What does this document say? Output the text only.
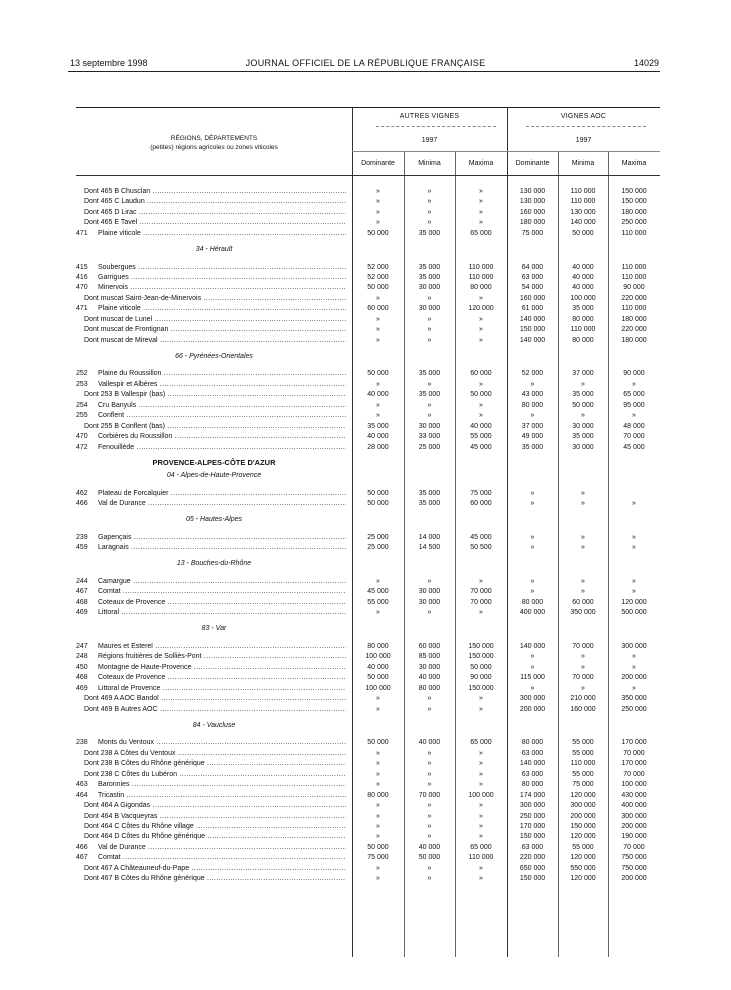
13 septembre 1998	JOURNAL OFFICIEL DE LA RÉPUBLIQUE FRANÇAISE	14029
RÉGIONS, DÉPARTEMENTS
(petites) régions agricoles ou zones viticoles
AUTRES VIGNES	VIGNES AOC
1997	1997
Dominante	Minima	Maxima	Dominante	Minima	Maxima
Dont 465 B Chusclan .....	»	»	»	130 000	110 000	150 000
Dont 465 C Laudun .....	»	»	»	130 000	110 000	150 000
Dont 465 D Lirac .....	»	»	»	160 000	130 000	180 000
Dont 465 E Tavel .....	»	»	»	180 000	140 000	250 000
471	Plaine viticole .....	50 000	35 000	65 000	75 000	50 000	110 000
34 - Hérault
415	Soubergues .....	52 000	35 000	110 000	64 000	40 000	110 000
416	Garrigues .....	52 000	35 000	110 000	63 000	40 000	110 000
470	Minervois .....	50 000	30 000	80 000	54 000	40 000	90 000
Dont muscat Saint-Jean-de-Minervois .....	»	»	»	160 000	100 000	220 000
471	Plaine viticole .....	60 000	30 000	120 000	61 000	35 000	110 000
Dont muscat de Lunel .....	»	»	»	140 000	80 000	180 000
Dont muscat de Frontignan .....	»	»	»	150 000	110 000	220 000
Dont muscat de Mireval .....	»	»	»	140 000	80 000	180 000
66 - Pyrénées-Orientales
252	Plaine du Roussillon .....	50 000	35 000	60 000	52 000	37 000	90 000
253	Vallespir et Albères .....	»	»	»	»	»	»
Dont 253 B Vallespir (bas) .....	40 000	35 000	50 000	43 000	35 000	65 000
254	Cru Banyuls .....	»	»	»	80 000	50 000	95 000
255	Conflent .....	»	»	»	»	»	»
Dont 255 B Conflent (bas) .....	35 000	30 000	40 000	37 000	30 000	48 000
470	Corbières du Roussillon .....	40 000	33 000	55 000	49 000	35 000	70 000
472	Fenouillède .....	28 000	25 000	45 000	35 000	30 000	45 000
PROVENCE-ALPES-CÔTE D'AZUR
04 - Alpes-de-Haute-Provence
462	Plateau de Forcalquier .....	50 000	35 000	75 000	»	»
466	Val de Durance .....	50 000	35 000	60 000	»	»	»
05 - Hautes-Alpes
239	Gapençais .....	25 000	14 000	45 000	»	»	»
459	Laragnais .....	25 000	14 500	50 500	»	»	»
13 - Bouches-du-Rhône
244	Camargue .....	»	»	»	»	»	»
467	Comtat .....	45 000	30 000	70 000	»	»	»
468	Coteaux de Provence .....	55 000	30 000	70 000	80 000	60 000	120 000
469	Littoral .....	»	»	»	400 000	350 000	500 000
83 - Var
247	Maures et Esterel .....	80 000	60 000	150 000	140 000	70 000	300 000
248	Régions fruitières de Solliès-Pont .....	100 000	85 000	150 000	»	»	»
450	Montagne de Haute-Provence .....	40 000	30 000	50 000	»	»	»
468	Coteaux de Provence .....	50 000	40 000	90 000	115 000	70 000	200 000
469	Littoral de Provence .....	100 000	80 000	150 000	»	»	»
Dont 469 A AOC Bandol .....	»	»	»	300 000	210 000	350 000
Dont 469 B Autres AOC .....	»	»	»	200 000	160 000	250 000
84 - Vaucluse
238	Monts du Ventoux .....	50 000	40 000	65 000	80 000	55 000	170 000
Dont 238 A Côtes du Ventoux .....	»	»	»	63 000	55 000	70 000
Dont 238 B Côtes du Rhône générique .....	»	»	»	140 000	110 000	170 000
Dont 238 C Côtes du Lubéron .....	»	»	»	63 000	55 000	70 000
463	Baronnies .....	»	»	»	80 000	75 000	100 000
464	Tricastin .....	80 000	70 000	100 000	174 000	120 000	430 000
Dont 464 A Gigondas .....	»	»	»	300 000	300 000	400 000
Dont 464 B Vacqueyras .....	»	»	»	250 000	200 000	300 000
Dont 464 C Côtes du Rhône village .....	»	»	»	170 000	150 000	200 000
Dont 464 D Côtes du Rhône générique .....	»	»	»	150 000	120 000	190 000
466	Val de Durance .....	50 000	40 000	65 000	63 000	55 000	70 000
467	Comtat .....	75 000	50 000	110 000	220 000	120 000	750 000
Dont 467 A Châteauneuf-du-Pape .....	»	»	»	650 000	550 000	750 000
Dont 467 B Côtes du Rhône générique .....	»	»	»	150 000	120 000	200 000
